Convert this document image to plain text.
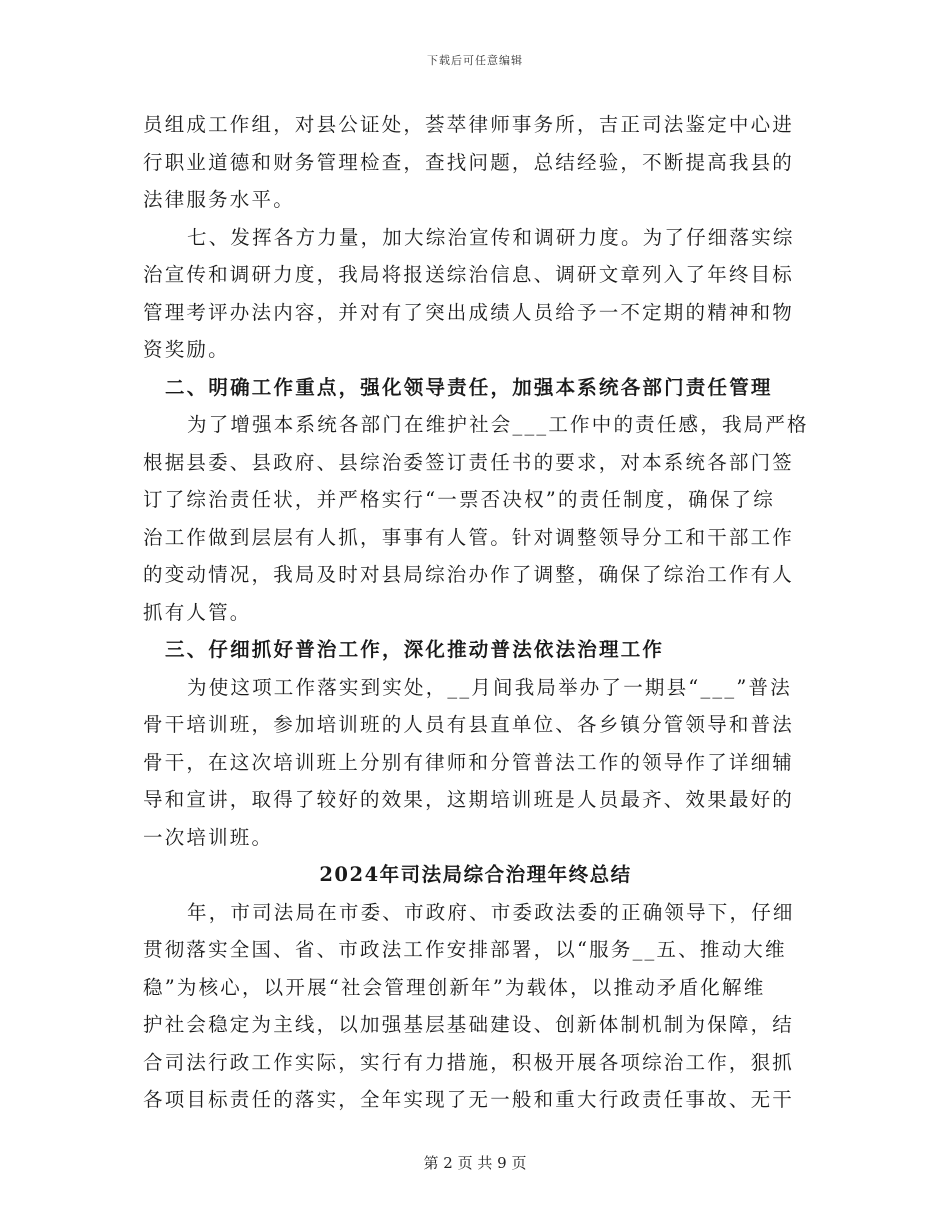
下载后可任意编辑
员组成工作组，对县公证处，荟萃律师事务所，吉正司法鉴定中心进
行职业道德和财务管理检查，查找问题，总结经验，不断提高我县的
法律服务水平。
七、发挥各方力量，加大综治宣传和调研力度。为了仔细落实综
治宣传和调研力度，我局将报送综治信息、调研文章列入了年终目标
管理考评办法内容，并对有了突出成绩人员给予一不定期的精神和物
资奖励。
二、明确工作重点，强化领导责任，加强本系统各部门责任管理
为了增强本系统各部门在维护社会___工作中的责任感，我局严格
根据县委、县政府、县综治委签订责任书的要求，对本系统各部门签
订了综治责任状，并严格实行“一票否决权”的责任制度，确保了综
治工作做到层层有人抓，事事有人管。针对调整领导分工和干部工作
的变动情况，我局及时对县局综治办作了调整，确保了综治工作有人
抓有人管。
三、仔细抓好普治工作，深化推动普法依法治理工作
为使这项工作落实到实处，__月间我局举办了一期县“___”普法
骨干培训班，参加培训班的人员有县直单位、各乡镇分管领导和普法
骨干，在这次培训班上分别有律师和分管普法工作的领导作了详细辅
导和宣讲，取得了较好的效果，这期培训班是人员最齐、效果最好的
一次培训班。
2024年司法局综合治理年终总结
年，市司法局在市委、市政府、市委政法委的正确领导下，仔细
贯彻落实全国、省、市政法工作安排部署，以“服务__五、推动大维
稳”为核心，以开展“社会管理创新年”为载体，以推动矛盾化解维
护社会稳定为主线，以加强基层基础建设、创新体制机制为保障，结
合司法行政工作实际，实行有力措施，积极开展各项综治工作，狠抓
各项目标责任的落实，全年实现了无一般和重大行政责任事故、无干
第 2 页 共 9 页
